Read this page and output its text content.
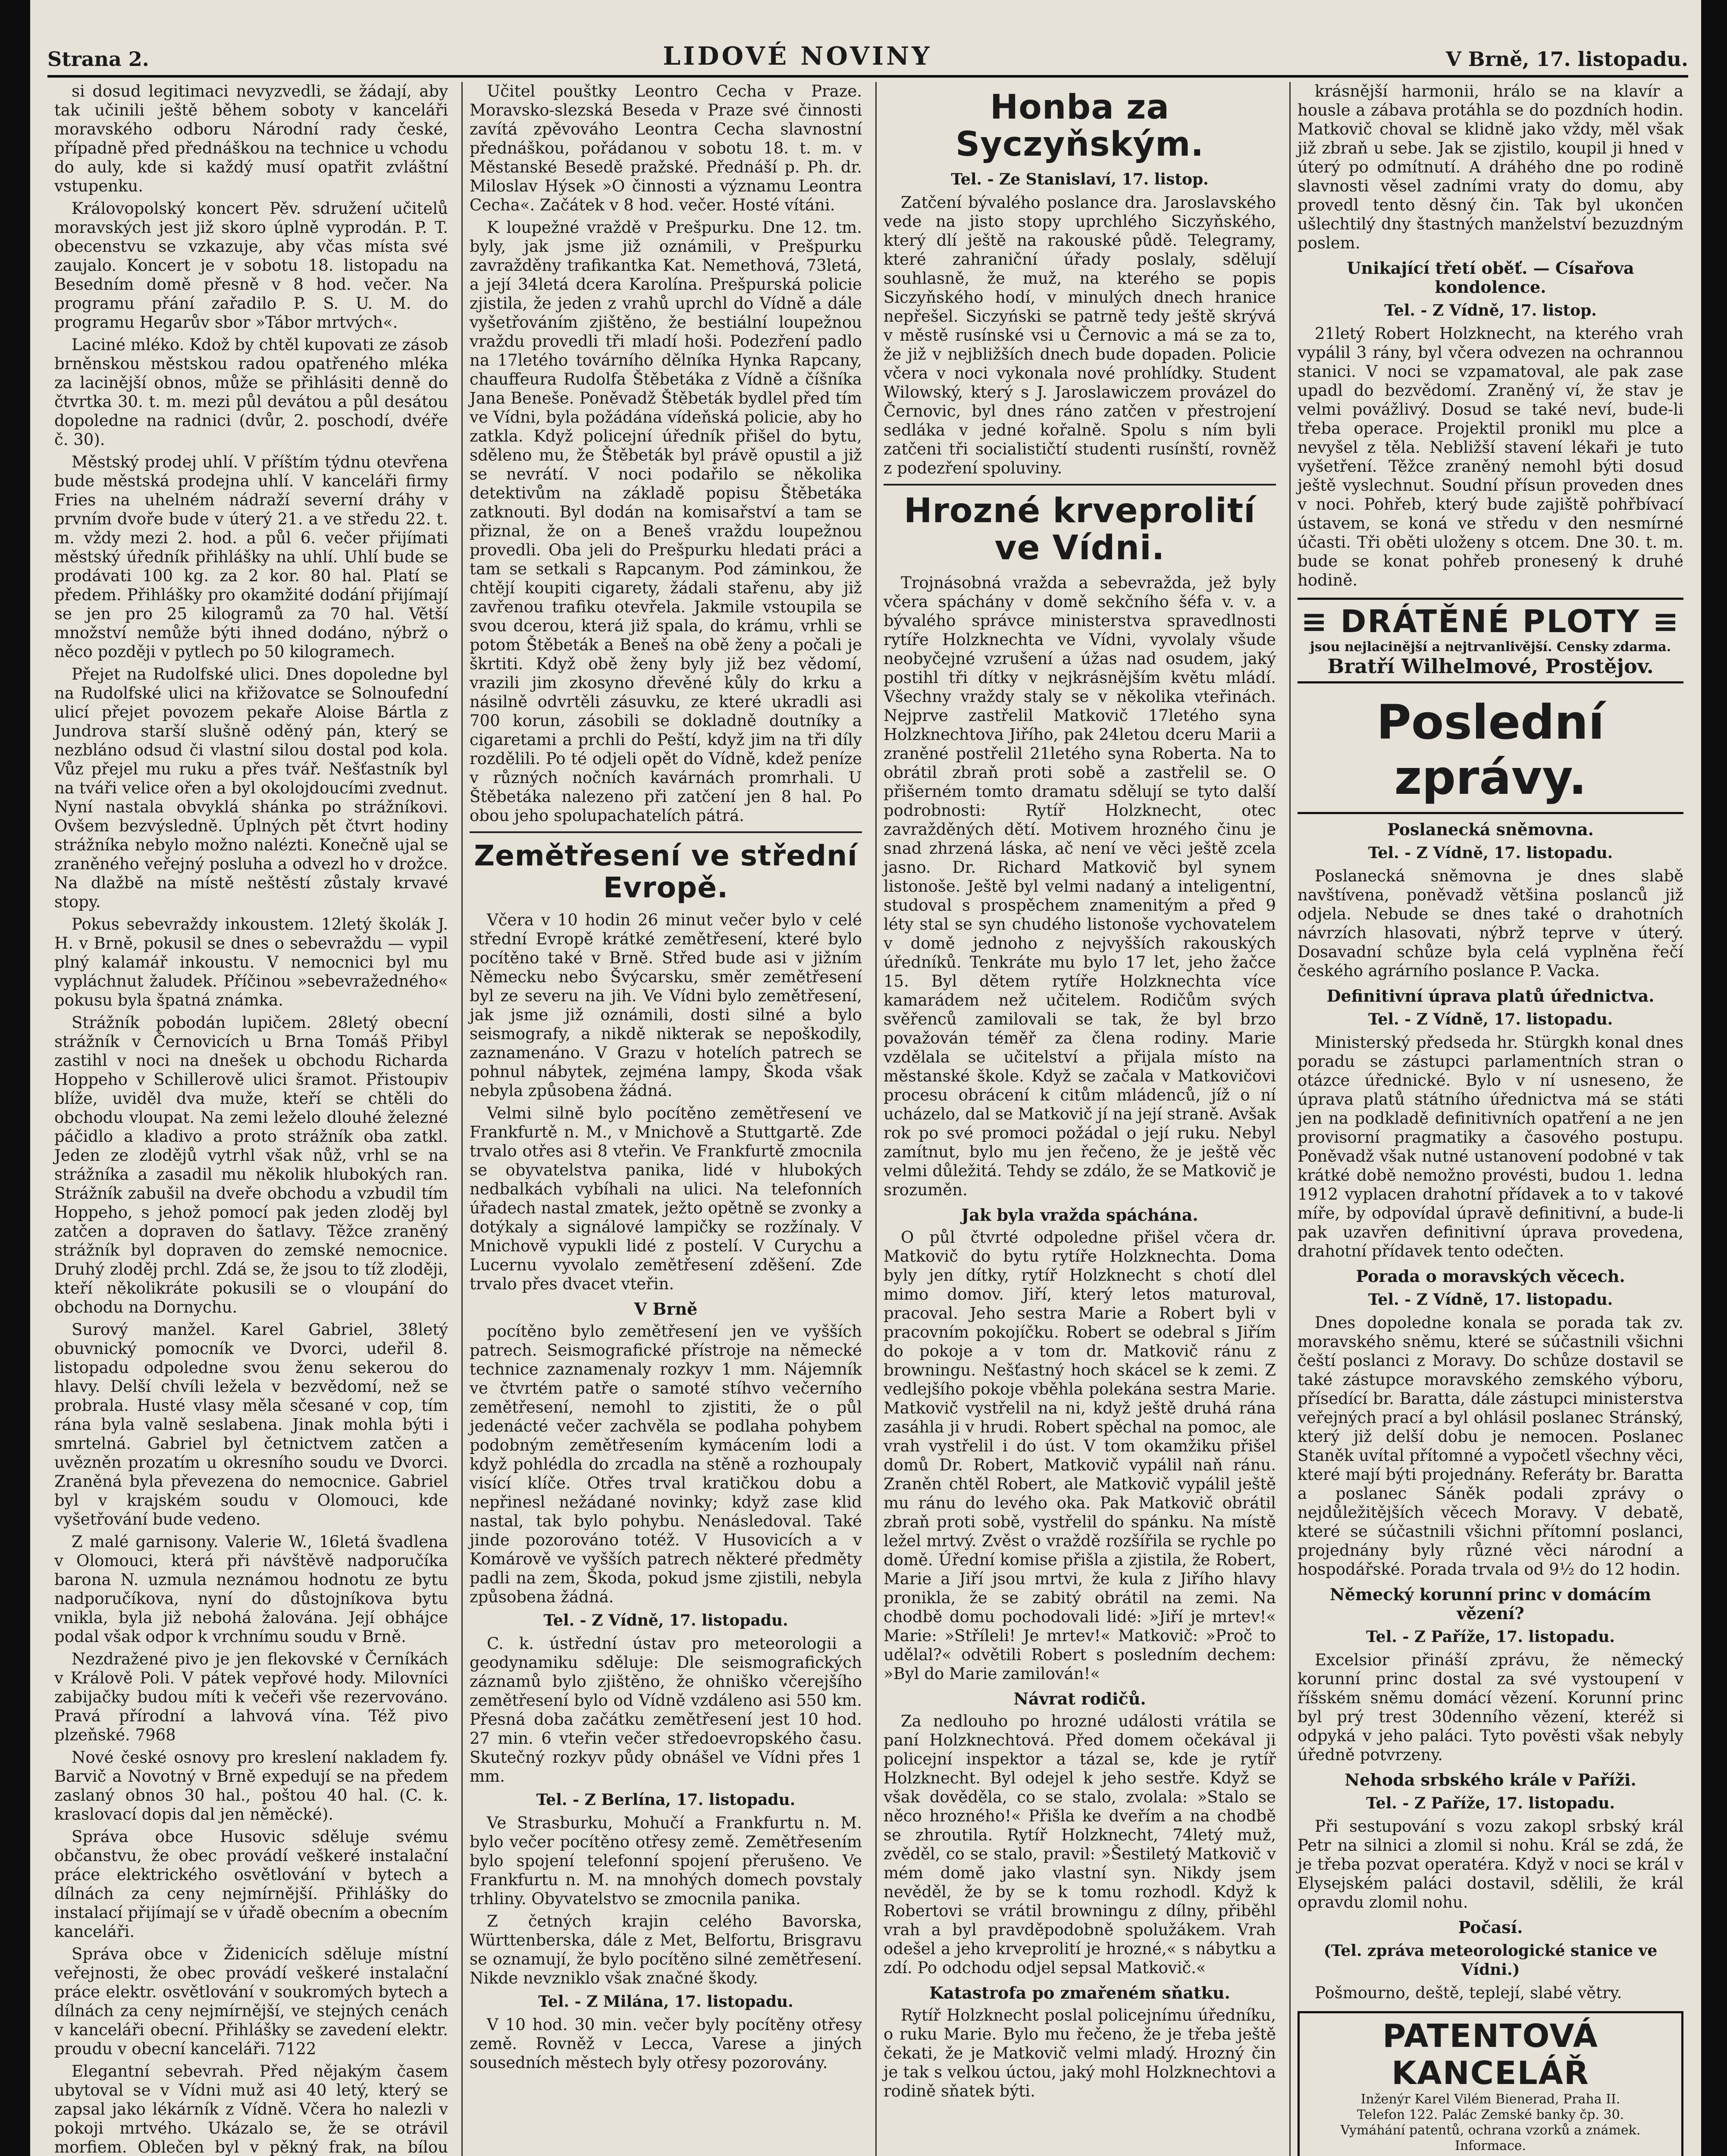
Strana 2.	LIDOVÉ NOVINY	V Brně, 17. listopadu.

si dosud legitimaci nevyzvedli, se žádají, aby tak učinili ještě během soboty v kanceláři moravského odboru Národní rady české, případně před přednáškou na technice u vchodu do auly, kde si každý musí opatřit zvláštní vstupenku.

Královopolský koncert Pěv. sdružení učitelů moravských jest již skoro úplně vyprodán. P. T. obecenstvu se vzkazuje, aby včas místa své zaujalo. Koncert je v sobotu 18. listopadu na Besedním domě přesně v 8 hod. večer. Na programu přání zařadilo P. S. U. M. do programu Hegarův sbor »Tábor mrtvých«.

Laciné mléko. Kdož by chtěl kupovati ze zásob brněnskou městskou radou opatřeného mléka za lacinější obnos, může se přihlásiti denně do čtvrtka 30. t. m. mezi půl devátou a půl desátou dopoledne na radnici (dvůr, 2. poschodí, dvéře č. 30).

Městský prodej uhlí. V příštím týdnu otevřena bude městská prodejna uhlí. V kanceláři firmy Fries na uhelném nádraží severní dráhy v prvním dvoře bude v úterý 21. a ve středu 22. t. m. vždy mezi 2. hod. a půl 6. večer přijímati městský úředník přihlášky na uhlí. Uhlí bude se prodávati 100 kg. za 2 kor. 80 hal. Platí se předem. Přihlášky pro okamžité dodání přijímají se jen pro 25 kilogramů za 70 hal. Větší množství nemůže býti ihned dodáno, nýbrž o něco později v pytlech po 50 kilogramech.

Přejet na Rudolfské ulici. Dnes dopoledne byl na Rudolfské ulici na křižovatce se Solnoufední ulicí přejet povozem pekaře Aloise Bártla z Jundrova starší slušně oděný pán, který se nezbláno odsud či vlastní silou dostal pod kola. Vůz přejel mu ruku a přes tvář. Nešťastník byl na tváři velice ořen a byl okolojdoucími zvednut. Nyní nastala obvyklá shánka po strážníkovi. Ovšem bezvýsledně. Úplných pět čtvrt hodiny strážníka nebylo možno nalézti. Konečně ujal se zraněného veřejný posluha a odvezl ho v drožce. Na dlažbě na místě neštěstí zůstaly krvavé stopy.

Pokus sebevraždy inkoustem. 12letý školák J. H. v Brně, pokusil se dnes o sebevraždu — vypil plný kalamář inkoustu. V nemocnici byl mu vypláchnut žaludek. Příčinou »sebevražedného« pokusu byla špatná známka.

Strážník pobodán lupičem. 28letý obecní strážník v Černovicích u Brna Tomáš Přibyl zastihl v noci na dnešek u obchodu Richarda Hoppeho v Schillerově ulici šramot. Přistoupiv blíže, uviděl dva muže, kteří se chtěli do obchodu vloupat. Na zemi leželo dlouhé železné páčidlo a kladivo a proto strážník oba zatkl. Jeden ze zlodějů vytrhl však nůž, vrhl se na strážníka a zasadil mu několik hlubokých ran. Strážník zabušil na dveře obchodu a vzbudil tím Hoppeho, s jehož pomocí pak jeden zloděj byl zatčen a dopraven do šatlavy. Těžce zraněný strážník byl dopraven do zemské nemocnice. Druhý zloděj prchl. Zdá se, že jsou to tíž zloději, kteří několikráte pokusili se o vloupání do obchodu na Dornychu.

Surový manžel. Karel Gabriel, 38letý obuvnický pomocník ve Dvorci, udeřil 8. listopadu odpoledne svou ženu sekerou do hlavy. Delší chvíli ležela v bezvědomí, než se probrala. Husté vlasy měla sčesané v cop, tím rána byla valně seslabena. Jinak mohla býti i smrtelná. Gabriel byl četnictvem zatčen a uvězněn prozatím u okresního soudu ve Dvorci. Zraněná byla převezena do nemocnice. Gabriel byl v krajském soudu v Olomouci, kde vyšetřování bude vedeno.

Z malé garnisony. Valerie W., 16letá švadlena v Olomouci, která při návštěvě nadporučíka barona N. uzmula neznámou hodnotu ze bytu nadporučíkova, nyní do důstojníkova bytu vnikla, byla již nebohá žalována. Její obhájce podal však odpor k vrchnímu soudu v Brně.

Nezdražené pivo je jen flekovské v Černíkách v Králově Poli. V pátek vepřové hody. Milovníci zabijačky budou míti k večeři vše rezervováno. Pravá přírodní a lahvová vína. Též pivo plzeňské. 7968

Nové české osnovy pro kreslení nakladem fy. Barvič a Novotný v Brně expedují se na předem zaslaný obnos 30 hal., poštou 40 hal. (C. k. kraslovací dopis dal jen něměcké).

Správa obce Husovic sděluje svému občanstvu, že obec provádí veškeré instalační práce elektrického osvětlování v bytech a dílnách za ceny nejmírnější. Přihlášky do instalací přijímají se v úřadě obecním a obecním kanceláři.

Správa obce v Židenicích sděluje místní veřejnosti, že obec provádí veškeré instalační práce elektr. osvětlování v soukromých bytech a dílnách za ceny nejmírnější, ve stejných cenách v kanceláři obecní. Přihlášky se zavedení elektr. proudu v obecní kanceláři. 7122

Elegantní sebevrah. Před nějakým časem ubytoval se v Vídni muž asi 40 letý, který se zapsal jako lékárník z Vídně. Včera ho nalezli v pokoji mrtvého. Ukázalo se, že se otrávil morfiem. Oblečen byl v pěkný frak, na bílou

Učitel pouštky Leontro Cecha v Praze. Moravsko-slezská Beseda v Praze své činnosti zavítá zpěvováho Leontra Cecha slavnostní přednáškou, pořádanou v sobotu 18. t. m. v Městanské Besedě pražské. Přednáší p. Ph. dr. Miloslav Hýsek »O činnosti a významu Leontra Cecha«. Začátek v 8 hod. večer. Hosté vítáni.

K loupežné vraždě v Prešpurku. Dne 12. tm. byly, jak jsme již oznámili, v Prešpurku zavražděny trafikantka Kat. Nemethová, 73letá, a její 34letá dcera Karolína. Prešpurská policie zjistila, že jeden z vrahů uprchl do Vídně a dále vyšetřováním zjištěno, že bestiální loupežnou vraždu provedli tři mladí hoši. Podezření padlo na 17letého továrního dělníka Hynka Rapcany, chauffeura Rudolfa Štěbetáka z Vídně a číšníka Jana Beneše. Poněvadž Štěbeták bydlel před tím ve Vídni, byla požádána vídeňská policie, aby ho zatkla. Když policejní úředník přišel do bytu, sděleno mu, že Štěbeták byl právě opustil a již se nevrátí. V noci podařilo se několika detektivům na základě popisu Štěbetáka zatknouti. Byl dodán na komisařství a tam se přiznal, že on a Beneš vraždu loupežnou provedli. Oba jeli do Prešpurku hledati práci a tam se setkali s Rapcanym. Pod záminkou, že chtějí koupiti cigarety, žádali stařenu, aby již zavřenou trafiku otevřela. Jakmile vstoupila se svou dcerou, která již spala, do krámu, vrhli se potom Štěbeták a Beneš na obě ženy a počali je škrtiti. Když obě ženy byly již bez vědomí, vrazili jim zkosyno dřevěné kůly do krku a násilně odvrtěli zásuvku, ze které ukradli asi 700 korun, zásobili se dokladně doutníky a cigaretami a prchli do Peští, když jim na tři díly rozdělili. Po té odjeli opět do Vídně, kdež peníze v různých nočních kavárnách promrhali. U Štěbetáka nalezeno při zatčení jen 8 hal. Po obou jeho spolupachatelích pátrá.

Zemětřesení ve střední Evropě.

Včera v 10 hodin 26 minut večer bylo v celé střední Evropě krátké zemětřesení, které bylo pocítěno také v Brně. Střed bude asi v jižním Německu nebo Švýcarsku, směr zemětřesení byl ze severu na jih. Ve Vídni bylo zemětřesení, jak jsme již oznámili, dosti silné a bylo seismografy, a nikdě nikterak se nepoškodily, zaznamenáno. V Grazu v hotelích patrech se pohnul nábytek, zejména lampy, Škoda však nebyla způsobena žádná.

Velmi silně bylo pocítěno zemětřesení ve Frankfurtě n. M., v Mnichově a Stuttgartě. Zde trvalo otřes asi 8 vteřin. Ve Frankfurtě zmocnila se obyvatelstva panika, lidé v hlubokých nedbalkách vybíhali na ulici. Na telefonních úřadech nastal zmatek, ježto opětně se zvonky a dotýkaly a signálové lampičky se rozžínaly. V Mnichově vypukli lidé z postelí. V Curychu a Lucernu vyvolalo zemětřesení zděšení. Zde trvalo přes dvacet vteřin.

V Brně

pocítěno bylo zemětřesení jen ve vyšších patrech. Seismografické přístroje na německé technice zaznamenaly rozkyv 1 mm. Nájemník ve čtvrtém patře o samoté stíhvo večerního zemětřesení, nemohl to zjistiti, že o půl jedenácté večer zachvěla se podlaha pohybem podobným zemětřesením kymácením lodi a když pohlédla do zrcadla na stěně a rozhoupaly visící klíče. Otřes trval kratičkou dobu a nepřinesl nežádané novinky; když zase klid nastal, tak bylo pohybu. Nenásledoval. Také jinde pozorováno totéž. V Husovicích a v Komárově ve vyšších patrech některé předměty padli na zem, Škoda, pokud jsme zjistili, nebyla způsobena žádná.

Tel. - Z Vídně, 17. listopadu.

C. k. ústřední ústav pro meteorologii a geodynamiku sděluje: Dle seismografických záznamů bylo zjištěno, že ohniško včerejšího zemětřesení bylo od Vídně vzdáleno asi 550 km. Přesná doba začátku zemětřesení jest 10 hod. 27 min. 6 vteřin večer středoevropského času. Skutečný rozkyv půdy obnášel ve Vídni přes 1 mm.

Tel. - Z Berlína, 17. listopadu.

Ve Strasburku, Mohučí a Frankfurtu n. M. bylo večer pocítěno otřesy země. Zemětřesením bylo spojení telefonní spojení přerušeno. Ve Frankfurtu n. M. na mnohých domech povstaly trhliny. Obyvatelstvo se zmocnila panika.

Z četných krajin celého Bavorska, Württenberska, dále z Met, Belfortu, Brisgravu se oznamují, že bylo pocítěno silné zemětřesení. Nikde nevzniklo však značné škody.

Tel. - Z Milána, 17. listopadu.

V 10 hod. 30 min. večer byly pocítěny otřesy země. Rovněž v Lecca, Varese a jiných sousedních městech byly otřesy pozorovány.

Honba za Syczyňským.

Tel. - Ze Stanislaví, 17. listop.

Zatčení bývalého poslance dra. Jaroslavského vede na jisto stopy uprchlého Siczyňského, který dlí ještě na rakouské půdě. Telegramy, které zahraniční úřady poslaly, sdělují souhlasně, že muž, na kterého se popis Siczyňského hodí, v minulých dnech hranice nepřešel. Siczyński se patrně tedy ještě skrývá v městě rusínské vsi u Černovic a má se za to, že již v nejbližších dnech bude dopaden. Policie včera v noci vykonala nové prohlídky. Student Wilowský, který s J. Jaroslawiczem provázel do Černovic, byl dnes ráno zatčen v přestrojení sedláka v jedné kořalně. Spolu s ním byli zatčeni tři socialističtí studenti rusínští, rovněž z podezření spoluviny.

Hrozné krveprolití ve Vídni.

Trojnásobná vražda a sebevražda, jež byly včera spáchány v domě sekčního šéfa v. v. a bývalého správce ministerstva spravedlnosti rytíře Holzknechta ve Vídni, vyvolaly všude neobyčejné vzrušení a úžas nad osudem, jaký postihl tři dítky v nejkrásnějším květu mládí. Všechny vraždy staly se v několika vteřinách. Nejprve zastřelil Matkovič 17letého syna Holzknechtova Jiřího, pak 24letou dceru Marii a zraněné postřelil 21letého syna Roberta. Na to obrátil zbraň proti sobě a zastřelil se. O přišerném tomto dramatu sdělují se tyto další podrobnosti: Rytíř Holzknecht, otec zavražděných dětí. Motivem hrozného činu je snad zhrzená láska, ač není ve věci ještě zcela jasno. Dr. Richard Matkovič byl synem listonoše. Ještě byl velmi nadaný a inteligentní, studoval s prospěchem znamenitým a před 9 léty stal se syn chudého listonoše vychovatelem v domě jednoho z nejvyšších rakouských úředníků. Tenkráte mu bylo 17 let, jeho žačce 15. Byl dětem rytíře Holzknechta více kamarádem než učitelem. Rodičům svých svěřenců zamilovali se tak, že byl brzo považován téměř za člena rodiny. Marie vzdělala se učitelství a přijala místo na městanské škole. Když se začala v Matkovičovi procesu obrácení k citům mládenců, jíž o ní ucházelo, dal se Matkovič jí na její straně. Avšak rok po své promoci požádal o její ruku. Nebyl zamítnut, bylo mu jen řečeno, že je ještě věc velmi důležitá. Tehdy se zdálo, že se Matkovič je srozuměn.

Jak byla vražda spáchána.

O půl čtvrté odpoledne přišel včera dr. Matkovič do bytu rytíře Holzknechta. Doma byly jen dítky, rytíř Holzknecht s chotí dlel mimo domov. Jiří, který letos maturoval, pracoval. Jeho sestra Marie a Robert byli v pracovním pokojíčku. Robert se odebral s Jiřím do pokoje a v tom dr. Matkovič ránu z browningu. Nešťastný hoch skácel se k zemi. Z vedlejšího pokoje vběhla polekána sestra Marie. Matkovič vystřelil na ni, když ještě druhá rána zasáhla ji v hrudi. Robert spěchal na pomoc, ale vrah vystřelil i do úst. V tom okamžiku přišel domů Dr. Robert, Matkovič vypálil naň ránu. Zraněn chtěl Robert, ale Matkovič vypálil ještě mu ránu do levého oka. Pak Matkovič obrátil zbraň proti sobě, vystřelil do spánku. Na místě ležel mrtvý. Zvěst o vraždě rozšířila se rychle po domě. Úřední komise přišla a zjistila, že Robert, Marie a Jiří jsou mrtvi, že kula z Jiřího hlavy pronikla, že se zabitý obrátil na zemi. Na chodbě domu pochodovali lidé: »Jiří je mrtev!« Marie: »Stříleli! Je mrtev!« Matkovič: »Proč to udělal?« odvětili Robert s posledním dechem: »Byl do Marie zamilován!«

Návrat rodičů.

Za nedlouho po hrozné události vrátila se paní Holzknechtová. Před domem očekával ji policejní inspektor a tázal se, kde je rytíř Holzknecht. Byl odejel k jeho sestře. Když se však dověděla, co se stalo, zvolala: »Stalo se něco hrozného!« Přišla ke dveřím a na chodbě se zhroutila. Rytíř Holzknecht, 74letý muž, zvěděl, co se stalo, pravil: »Šestiletý Matkovič v mém domě jako vlastní syn. Nikdy jsem nevěděl, že by se k tomu rozhodl. Když k Robertovi se vrátil browningu z dílny, přiběhl vrah a byl pravděpodobně spolužákem. Vrah odešel a jeho krveprolití je hrozné,« s nábytku a zdí. Po odchodu odjel sepsal Matkovič.«

Katastrofa po zmařeném sňatku.

Rytíř Holzknecht poslal policejnímu úředníku, o ruku Marie. Bylo mu řečeno, že je třeba ještě čekati, že je Matkovič velmi mladý. Hrozný čin je tak s velkou úctou, jaký mohl Holzknechtovi a rodině sňatek býti.

krásnější harmonii, hrálo se na klavír a housle a zábava protáhla se do pozdních hodin. Matkovič choval se klidně jako vždy, měl však již zbraň u sebe. Jak se zjistilo, koupil ji hned v úterý po odmítnutí. A dráhého dne po rodině slavnosti věsel zadními vraty do domu, aby provedl tento děsný čin. Tak byl ukončen ušlechtilý dny štastných manželství bezuzdným poslem.

Unikající třetí oběť. — Císařova kondolence.

Tel. - Z Vídně, 17. listop.

21letý Robert Holzknecht, na kterého vrah vypálil 3 rány, byl včera odvezen na ochrannou stanici. V noci se vzpamatoval, ale pak zase upadl do bezvědomí. Zraněný ví, že stav je velmi povážlivý. Dosud se také neví, bude-li třeba operace. Projektil pronikl mu plce a nevyšel z těla. Nebližší stavení lékaři je tuto vyšetření. Těžce zraněný nemohl býti dosud ještě vyslechnut. Soudní přísun proveden dnes v noci. Pohřeb, který bude zajiště pohřbívací ústavem, se koná ve středu v den nesmírné účasti. Tři oběti uloženy s otcem. Dne 30. t. m. bude se konat pohřeb pronesený k druhé hodině.

≡ DRÁTĚNÉ PLOTY ≡
jsou nejlacinější a nejtrvanlivější. Censky zdarma.
Bratří Wilhelmové, Prostějov.
Poslední zprávy.

Poslanecká sněmovna.

Tel. - Z Vídně, 17. listopadu.

Poslanecká sněmovna je dnes slabě navštívena, poněvadž většina poslanců již odjela. Nebude se dnes také o drahotních návrzích hlasovati, nýbrž teprve v úterý. Dosavadní schůze byla celá vyplněna řečí českého agrárního poslance P. Vacka.

Definitivní úprava platů úřednictva.

Tel. - Z Vídně, 17. listopadu.

Ministerský předseda hr. Stürgkh konal dnes poradu se zástupci parlamentních stran o otázce úřednické. Bylo v ní usneseno, že úprava platů státního úřednictva má se státi jen na podkladě definitivních opatření a ne jen provisorní pragmatiky a časového postupu. Poněvadž však nutné ustanovení podobné v tak krátké době nemožno provésti, budou 1. ledna 1912 vyplacen drahotní přídavek a to v takové míře, by odpovídal úpravě definitivní, a bude-li pak uzavřen definitivní úprava provedena, drahotní přídavek tento odečten.

Porada o moravských věcech.

Tel. - Z Vídně, 17. listopadu.

Dnes dopoledne konala se porada tak zv. moravského sněmu, které se súčastnili všichni čeští poslanci z Moravy. Do schůze dostavil se také zástupce moravského zemského výboru, přísedící br. Baratta, dále zástupci ministerstva veřejných prací a byl ohlásil poslanec Stránský, který již delší dobu je nemocen. Poslanec Staněk uvítal přítomné a vypočetl všechny věci, které mají býti projednány. Referáty br. Baratta a poslanec Sáněk podali zprávy o nejdůležitějších věcech Moravy. V debatě, které se súčastnili všichni přítomní poslanci, projednány byly různé věci národní a hospodářské. Porada trvala od 9½ do 12 hodin.

Německý korunní princ v domácím vězení?

Tel. - Z Paříže, 17. listopadu.

Excelsior přináší zprávu, že německý korunní princ dostal za své vystoupení v říšském sněmu domácí vězení. Korunní princ byl prý trest 30denního vězení, kteréž si odpyká v jeho paláci. Tyto pověsti však nebyly úředně potvrzeny.

Nehoda srbského krále v Paříži.

Tel. - Z Paříže, 17. listopadu.

Při sestupování s vozu zakopl srbský král Petr na silnici a zlomil si nohu. Král se zdá, že je třeba pozvat operatéra. Když v noci se král v Elysejském paláci dostavil, sdělili, že král opravdu zlomil nohu.

Počasí.

(Tel. zpráva meteorologické stanice ve Vídni.)

Pošmourno, deště, teplejí, slabé větry.

PATENTOVÁ KANCELÁŘ
Inženýr Karel Vilém Bienerad, Praha II.
Telefon 122. Palác Zemské banky čp. 30.
Vymáhání patentů, ochrana vzorků a známek. Informace.
